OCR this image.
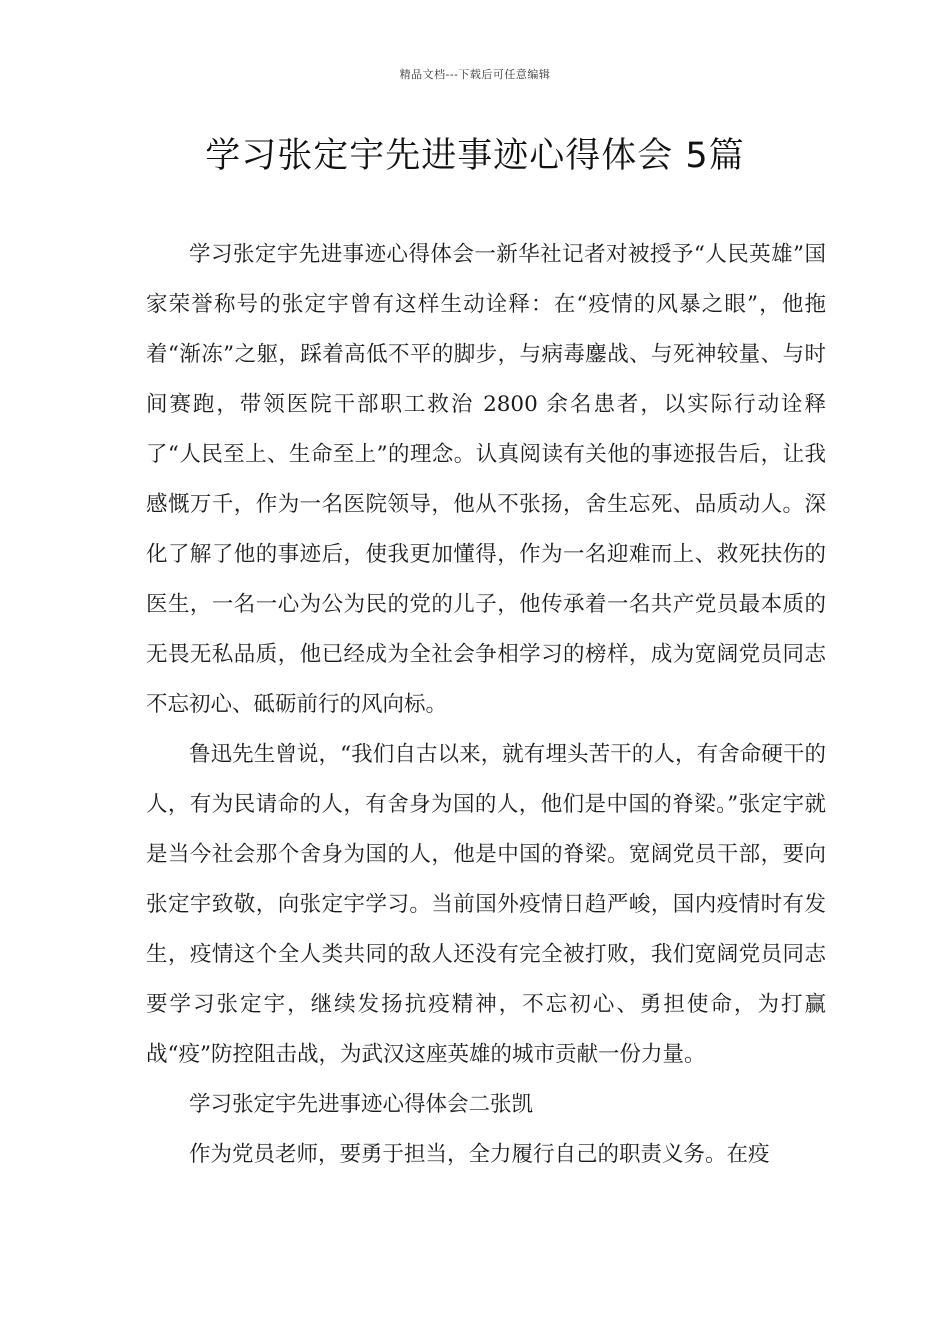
精品文档---下载后可任意编辑
学习张定宇先进事迹心得体会 5篇

学习张定宇先进事迹心得体会一新华社记者对被授予“人民英雄”国家荣誉称号的张定宇曾有这样生动诠释：在“疫情的风暴之眼”，他拖着“渐冻”之躯，踩着高低不平的脚步，与病毒鏖战、与死神较量、与时间赛跑，带领医院干部职工救治 2800 余名患者，以实际行动诠释了“人民至上、生命至上”的理念。认真阅读有关他的事迹报告后，让我感慨万千，作为一名医院领导，他从不张扬，舍生忘死、品质动人。深化了解了他的事迹后，使我更加懂得，作为一名迎难而上、救死扶伤的医生，一名一心为公为民的党的儿子，他传承着一名共产党员最本质的无畏无私品质，他已经成为全社会争相学习的榜样，成为宽阔党员同志不忘初心、砥砺前行的风向标。

鲁迅先生曾说，“我们自古以来，就有埋头苦干的人，有舍命硬干的人，有为民请命的人，有舍身为国的人，他们是中国的脊梁。”张定宇就是当今社会那个舍身为国的人，他是中国的脊梁。宽阔党员干部，要向张定宇致敬，向张定宇学习。当前国外疫情日趋严峻，国内疫情时有发生，疫情这个全人类共同的敌人还没有完全被打败，我们宽阔党员同志要学习张定宇，继续发扬抗疫精神，不忘初心、勇担使命，为打赢战“疫”防控阻击战，为武汉这座英雄的城市贡献一份力量。

学习张定宇先进事迹心得体会二张凯

作为党员老师，要勇于担当，全力履行自己的职责义务。在疫
